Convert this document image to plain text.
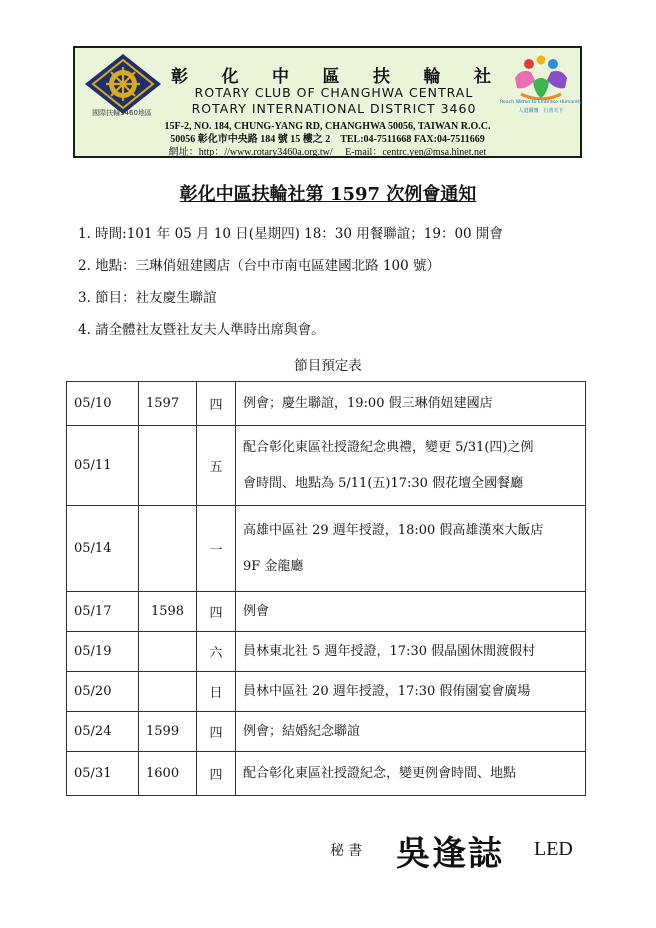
國際扶輪3460地區
彰 化 中 區 扶 輪 社
ROTARY CLUB OF CHANGHWA CENTRAL
ROTARY INTERNATIONAL DISTRICT 3460	Reach Within to Embrace Humanity
人道關懷　行善天下
15F-2, NO. 184, CHUNG-YANG RD, CHANGHWA 50056, TAIWAN R.O.C.
50056 彰化市中央路 184 號 15 樓之 2　TEL:04-7511668 FAX:04-7511669
網址：http：//www.rotary3460a.org.tw/　 E-mail：centrc.yen@msa.hinet.net
彰化中區扶輪社第 1597 次例會通知
1. 時間:101 年 05 月 10 日(星期四) 18：30 用餐聯誼；19：00 開會
2. 地點：三琳俏妞建國店（台中市南屯區建國北路 100 號）
3. 節目：社友慶生聯誼
4. 請全體社友暨社友夫人準時出席與會。
節目預定表
05/10	1597	四	例會；慶生聯誼，19:00 假三琳俏妞建國店

05/11		五	配合彰化東區社授證紀念典禮，變更 5/31(四)之例
會時間、地點為 5/11(五)17:30 假花壇全國餐廳

05/14		一	高雄中區社 29 週年授證，18:00 假高雄漢來大飯店
9F 金龍廳

05/17	1598	四	例會

05/19		六	員林東北社 5 週年授證，17:30 假晶園休閒渡假村

05/20		日	員林中區社 20 週年授證，17:30 假侑園宴會廣場

05/24	1599	四	例會；結婚紀念聯誼

05/31	1600	四	配合彰化東區社授證紀念，變更例會時間、地點
秘書 吳逢誌 LED
